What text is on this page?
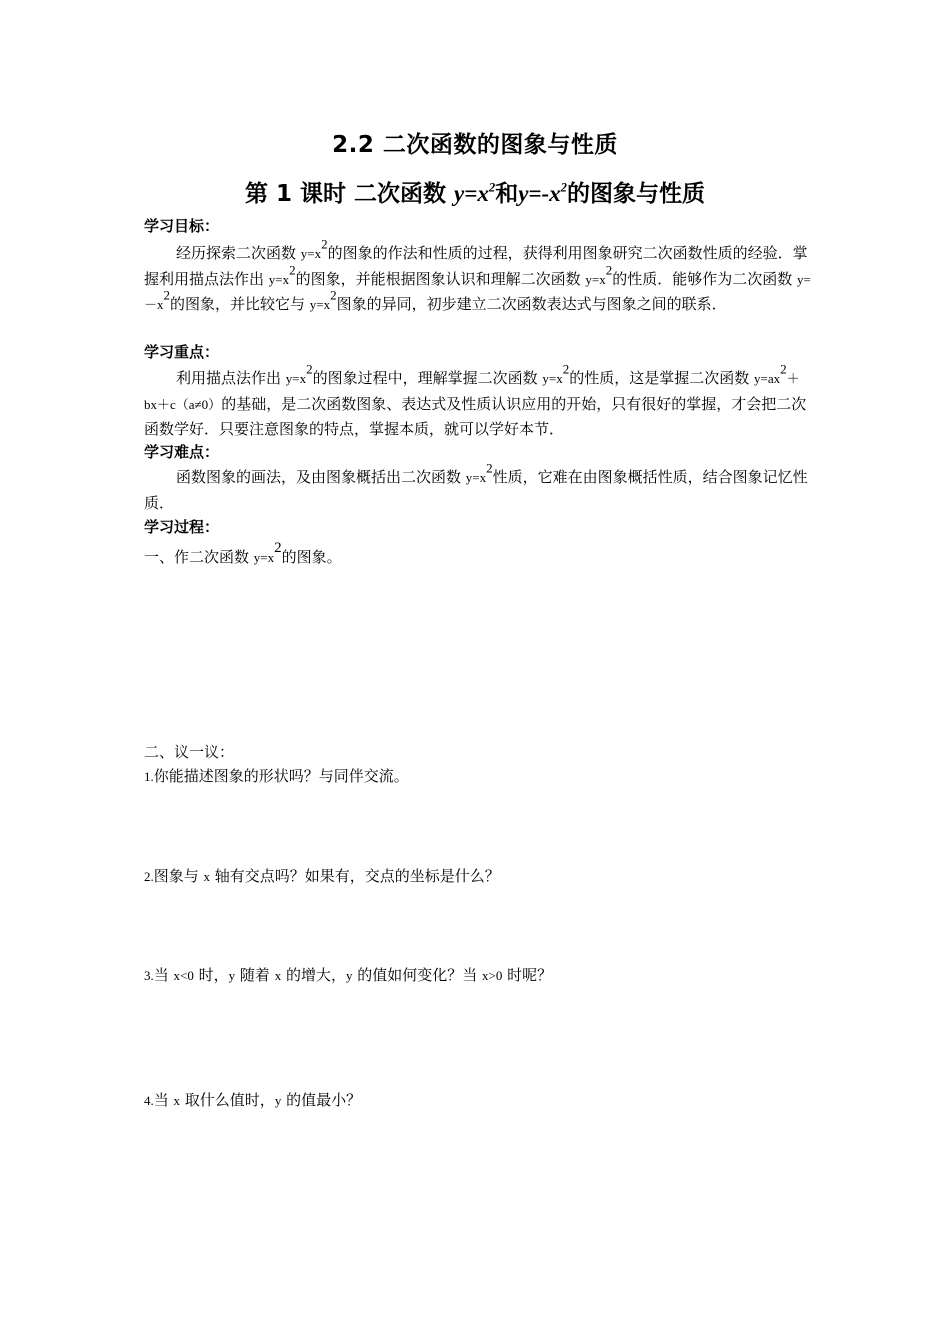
2.2 二次函数的图象与性质
第 1 课时 二次函数 $y=x^2$和$y=-x^2$的图象与性质
学习目标：
经历探索二次函数 $y=x^2$的图象的作法和性质的过程，获得利用图象研究二次函数性质的经验．掌握利用描点法作出 $y=x^2$的图象，并能根据图象认识和理解二次函数 $y=x^2$的性质．能够作为二次函数 $y=-x^2$的图象，并比较它与 $y=x^2$图象的异同，初步建立二次函数表达式与图象之间的联系．
学习重点：
利用描点法作出 $y=x^2$的图象过程中，理解掌握二次函数 $y=x^2$的性质，这是掌握二次函数 $y=ax^2+bx+c(a\ne 0)$的基础，是二次函数图象、表达式及性质认识应用的开始，只有很好的掌握，才会把二次函数学好．只要注意图象的特点，掌握本质，就可以学好本节．
学习难点：
函数图象的画法，及由图象概括出二次函数 $y=x^2$性质，它难在由图象概括性质，结合图象记忆性质．
学习过程：
一、作二次函数 y=x2的图象。
二、议一议：
1.你能描述图象的形状吗？与同伴交流。
2.图象与 x 轴有交点吗？如果有，交点的坐标是什么？
3.当 x<0 时，y 随着 x 的增大，y 的值如何变化？当 x>0 时呢？
4.当 x 取什么值时，y 的值最小？
